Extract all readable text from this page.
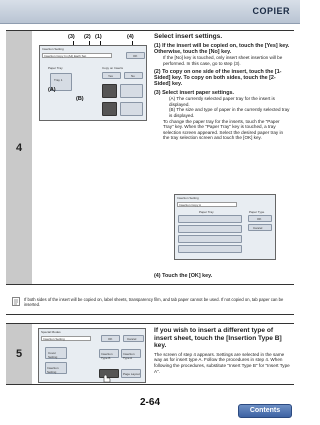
COPIER
4
(3) (2) (1)	(4)
Insertion Setting
Insertion Copy In (A4) Each Set	OK
Paper Tray
Tray 1
Copy on Inserts
Yes	No
(A)
(B)
Select insert settings.
(1) If the insert will be copied on, touch the [Yes] key. Otherwise, touch the [No] key.
If the [No] key is touched, only insert sheet insertion will be performed. In this case, go to step (3).
(2) To copy on one side of the insert, touch the [1-Sided] key. To copy on both sides, touch the [2-Sided] key.
(3) Select insert paper settings.
(A) The currently selected paper tray for the insert is displayed.
(B) The size and type of paper in the currently selected tray is displayed.
To change the paper tray for the inserts, touch the "Paper Tray" key. When the "Paper Tray" key is touched, a tray selection screen appeared. Select the desired paper tray in the tray selection screen and touch the [OK] key.
Insertion Setting
Insertion Copy A
Paper Tray	Paper Type
OK
Cancel
(4) Touch the [OK] key.
If both sides of the insert will be copied on, label sheets, transparency film, and tab paper cannot be used. If not copied on, tab paper can be inserted.
5
Special Modes
Insertion Setting	OK	Cancel
Cover Setting
Insertion Setting
Insertion Type B
Insertion Type A
Page Layout
If you wish to insert a different type of insert sheet, touch the [Insertion Type B] key.
The screen of step 4 appears. Settings are selected in the same way as for insert type A. Follow the procedures in step 4. When following the procedures, substitute "Insert Type B" for "Insert Type A".
2-64
Contents
